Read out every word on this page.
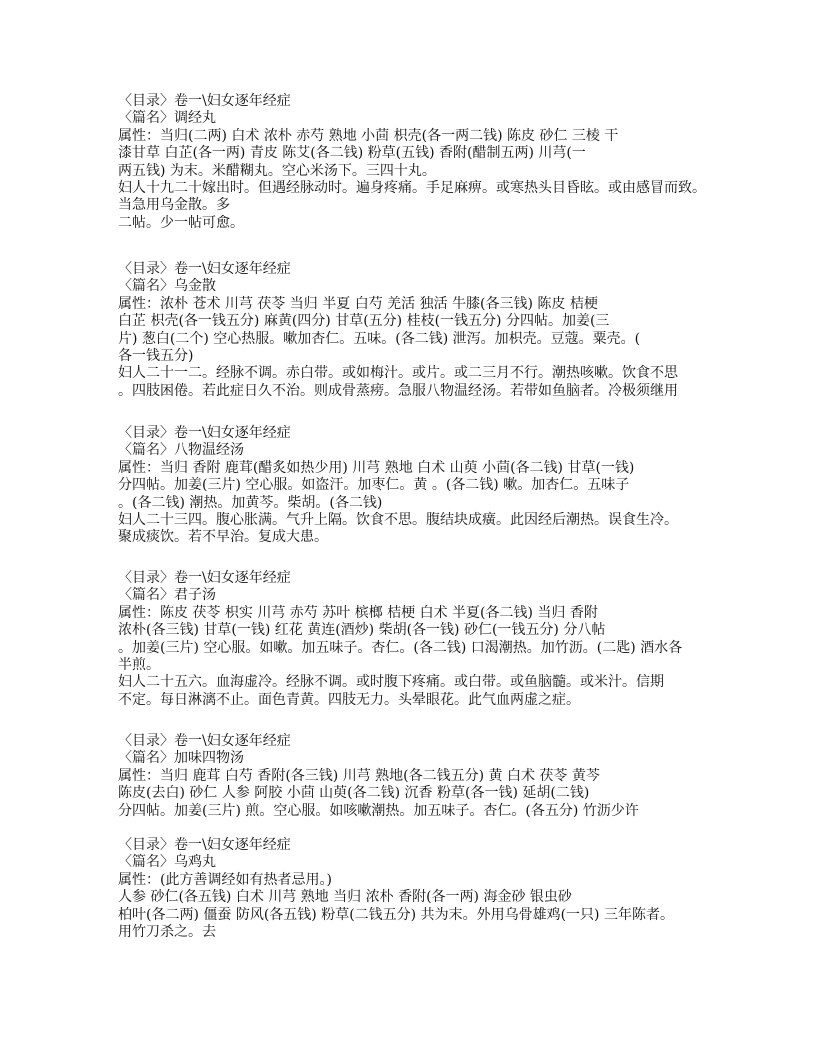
〈目录〉卷一\妇女逐年经症
〈篇名〉调经丸
属性：当归(二两) 白术 浓朴 赤芍 熟地 小茴 枳壳(各一两二钱) 陈皮 砂仁 三棱 干
漆甘草 白芷(各一两) 青皮 陈艾(各二钱) 粉草(五钱) 香附(醋制五两) 川芎(一
两五钱) 为末。米醋糊丸。空心米汤下。三四十丸。
妇人十九二十嫁出时。但遇经脉动时。遍身疼痛。手足麻痹。或寒热头目昏眩。或由感冒而致。
当急用乌金散。多
二帖。少一帖可愈。
〈目录〉卷一\妇女逐年经症
〈篇名〉乌金散
属性：浓朴 苍术 川芎 茯苓 当归 半夏 白芍 羌活 独活 牛膝(各三钱) 陈皮 桔梗
白芷 枳壳(各一钱五分) 麻黄(四分) 甘草(五分) 桂枝(一钱五分) 分四帖。加姜(三
片) 葱白(二个) 空心热服。嗽加杏仁。五味。(各二钱) 泄泻。加枳壳。豆蔻。粟壳。(
各一钱五分)
妇人二十一二。经脉不调。赤白带。或如梅汁。或片。或二三月不行。潮热咳嗽。饮食不思
。四肢困倦。若此症日久不治。则成骨蒸痨。急服八物温经汤。若带如鱼脑者。冷极须继用
〈目录〉卷一\妇女逐年经症
〈篇名〉八物温经汤
属性：当归 香附 鹿茸(醋炙如热少用) 川芎 熟地 白术 山萸 小茴(各二钱) 甘草(一钱)
分四帖。加姜(三片) 空心服。如盗汗。加枣仁。黄 。(各二钱) 嗽。加杏仁。五味子
。(各二钱) 潮热。加黄芩。柴胡。(各二钱)
妇人二十三四。腹心胀满。气升上隔。饮食不思。腹结块成癀。此因经后潮热。误食生冷。
聚成痰饮。若不早治。复成大患。
〈目录〉卷一\妇女逐年经症
〈篇名〉君子汤
属性：陈皮 茯苓 枳实 川芎 赤芍 苏叶 槟榔 桔梗 白术 半夏(各二钱) 当归 香附
浓朴(各三钱) 甘草(一钱) 红花 黄连(酒炒) 柴胡(各一钱) 砂仁(一钱五分) 分八帖
。加姜(三片) 空心服。如嗽。加五味子。杏仁。(各二钱) 口渴潮热。加竹沥。(二匙) 酒水各
半煎。
妇人二十五六。血海虚冷。经脉不调。或时腹下疼痛。或白带。或鱼脑髓。或米汁。信期
不定。每日淋漓不止。面色青黄。四肢无力。头晕眼花。此气血两虚之症。
〈目录〉卷一\妇女逐年经症
〈篇名〉加味四物汤
属性：当归 鹿茸 白芍 香附(各三钱) 川芎 熟地(各二钱五分) 黄 白术 茯苓 黄芩
陈皮(去白) 砂仁 人参 阿胶 小茴 山萸(各二钱) 沉香 粉草(各一钱) 延胡(二钱)
分四帖。加姜(三片) 煎。空心服。如咳嗽潮热。加五味子。杏仁。(各五分) 竹沥少许
〈目录〉卷一\妇女逐年经症
〈篇名〉乌鸡丸
属性：(此方善调经如有热者忌用。)
人参 砂仁(各五钱) 白术 川芎 熟地 当归 浓朴 香附(各一两) 海金砂 银虫砂
柏叶(各二两) 僵蚕 防风(各五钱) 粉草(二钱五分) 共为末。外用乌骨雄鸡(一只) 三年陈者。
用竹刀杀之。去
